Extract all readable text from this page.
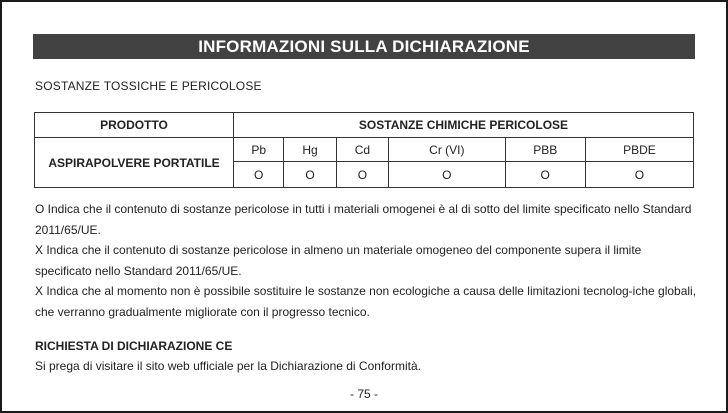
INFORMAZIONI SULLA DICHIARAZIONE
SOSTANZE TOSSICHE E PERICOLOSE
PRODOTTO	SOSTANZE CHIMICHE PERICOLOSE					
ASPIRAPOLVERE PORTATILE	Pb	Hg	Cd	Cr (VI)	PBB	PBDE
	O	O	O	O	O	O

O Indica che il contenuto di sostanze pericolose in tutti i materiali omogenei è al di sotto del limite specificato nello Standard 2011/65/UE.

X Indica che il contenuto di sostanze pericolose in almeno un materiale omogeneo del componente supera il limite specificato nello Standard 2011/65/UE.

X Indica che al momento non è possibile sostituire le sostanze non ecologiche a causa delle limitazioni tecnolog-iche globali, che verranno gradualmente migliorate con il progresso tecnico.

RICHIESTA DI DICHIARAZIONE CE
Si prega di visitare il sito web ufficiale per la Dichiarazione di Conformità.
- 75 -
